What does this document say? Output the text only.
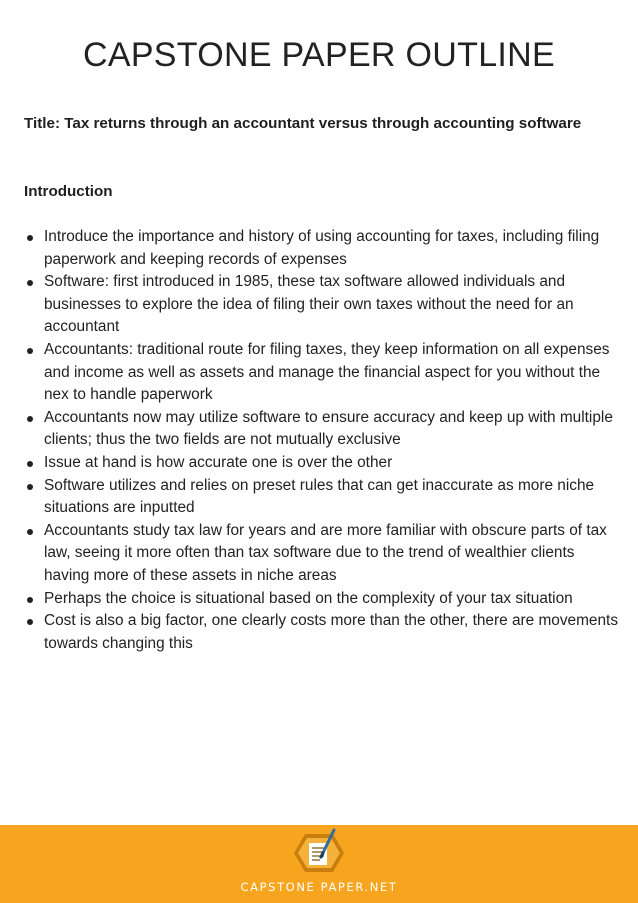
CAPSTONE PAPER OUTLINE
Title: Tax returns through an accountant versus through accounting software
Introduction
Introduce the importance and history of using accounting for taxes, including filing paperwork and keeping records of expenses
Software: first introduced in 1985, these tax software allowed individuals and businesses to explore the idea of filing their own taxes without the need for an accountant
Accountants: traditional route for filing taxes, they keep information on all expenses and income as well as assets and manage the financial aspect for you without the nex to handle paperwork
Accountants now may utilize software to ensure accuracy and keep up with multiple clients; thus the two fields are not mutually exclusive
Issue at hand is how accurate one is over the other
Software utilizes and relies on preset rules that can get inaccurate as more niche situations are inputted
Accountants study tax law for years and are more familiar with obscure parts of tax law, seeing it more often than tax software due to the trend of wealthier clients having more of these assets in niche areas
Perhaps the choice is situational based on the complexity of your tax situation
Cost is also a big factor, one clearly costs more than the other, there are movements towards changing this
CAPSTONE PAPER.NET
